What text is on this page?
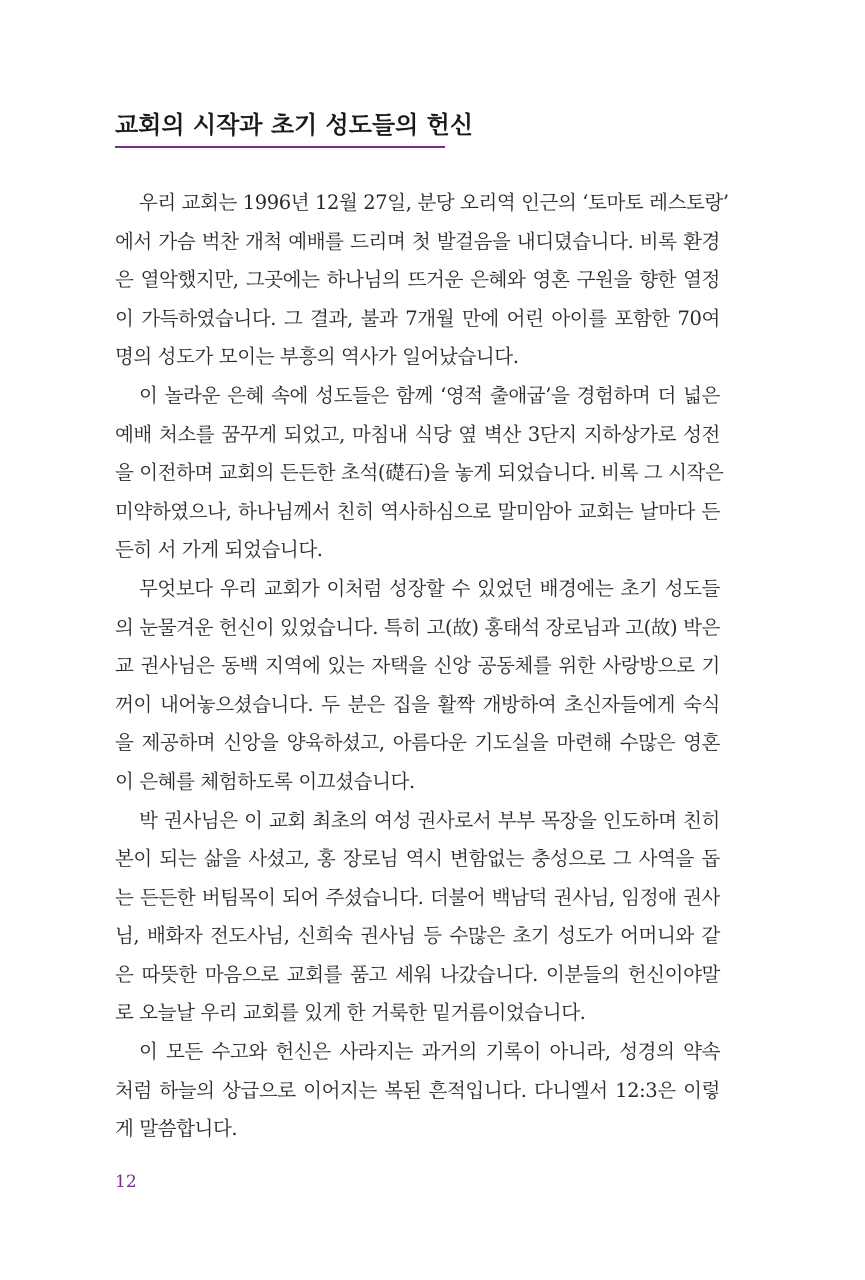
교회의 시작과 초기 성도들의 헌신
우리 교회는 1996년 12월 27일, 분당 오리역 인근의 ‘토마토 레스토랑’
에서 가슴 벅찬 개척 예배를 드리며 첫 발걸음을 내디뎠습니다. 비록 환경
은 열악했지만, 그곳에는 하나님의 뜨거운 은혜와 영혼 구원을 향한 열정
이 가득하였습니다. 그 결과, 불과 7개월 만에 어린 아이를 포함한 70여
명의 성도가 모이는 부흥의 역사가 일어났습니다.
이 놀라운 은혜 속에 성도들은 함께 ‘영적 출애굽’을 경험하며 더 넓은
예배 처소를 꿈꾸게 되었고, 마침내 식당 옆 벽산 3단지 지하상가로 성전
을 이전하며 교회의 든든한 초석(礎石)을 놓게 되었습니다. 비록 그 시작은
미약하였으나, 하나님께서 친히 역사하심으로 말미암아 교회는 날마다 든
든히 서 가게 되었습니다.
무엇보다 우리 교회가 이처럼 성장할 수 있었던 배경에는 초기 성도들
의 눈물겨운 헌신이 있었습니다. 특히 고(故) 홍태석 장로님과 고(故) 박은
교 권사님은 동백 지역에 있는 자택을 신앙 공동체를 위한 사랑방으로 기
꺼이 내어놓으셨습니다. 두 분은 집을 활짝 개방하여 초신자들에게 숙식
을 제공하며 신앙을 양육하셨고, 아름다운 기도실을 마련해 수많은 영혼
이 은혜를 체험하도록 이끄셨습니다.
박 권사님은 이 교회 최초의 여성 권사로서 부부 목장을 인도하며 친히
본이 되는 삶을 사셨고, 홍 장로님 역시 변함없는 충성으로 그 사역을 돕
는 든든한 버팀목이 되어 주셨습니다. 더불어 백남덕 권사님, 임정애 권사
님, 배화자 전도사님, 신희숙 권사님 등 수많은 초기 성도가 어머니와 같
은 따뜻한 마음으로 교회를 품고 세워 나갔습니다. 이분들의 헌신이야말
로 오늘날 우리 교회를 있게 한 거룩한 밑거름이었습니다.
이 모든 수고와 헌신은 사라지는 과거의 기록이 아니라, 성경의 약속
처럼 하늘의 상급으로 이어지는 복된 흔적입니다. 다니엘서 12:3은 이렇
게 말씀합니다.
12
